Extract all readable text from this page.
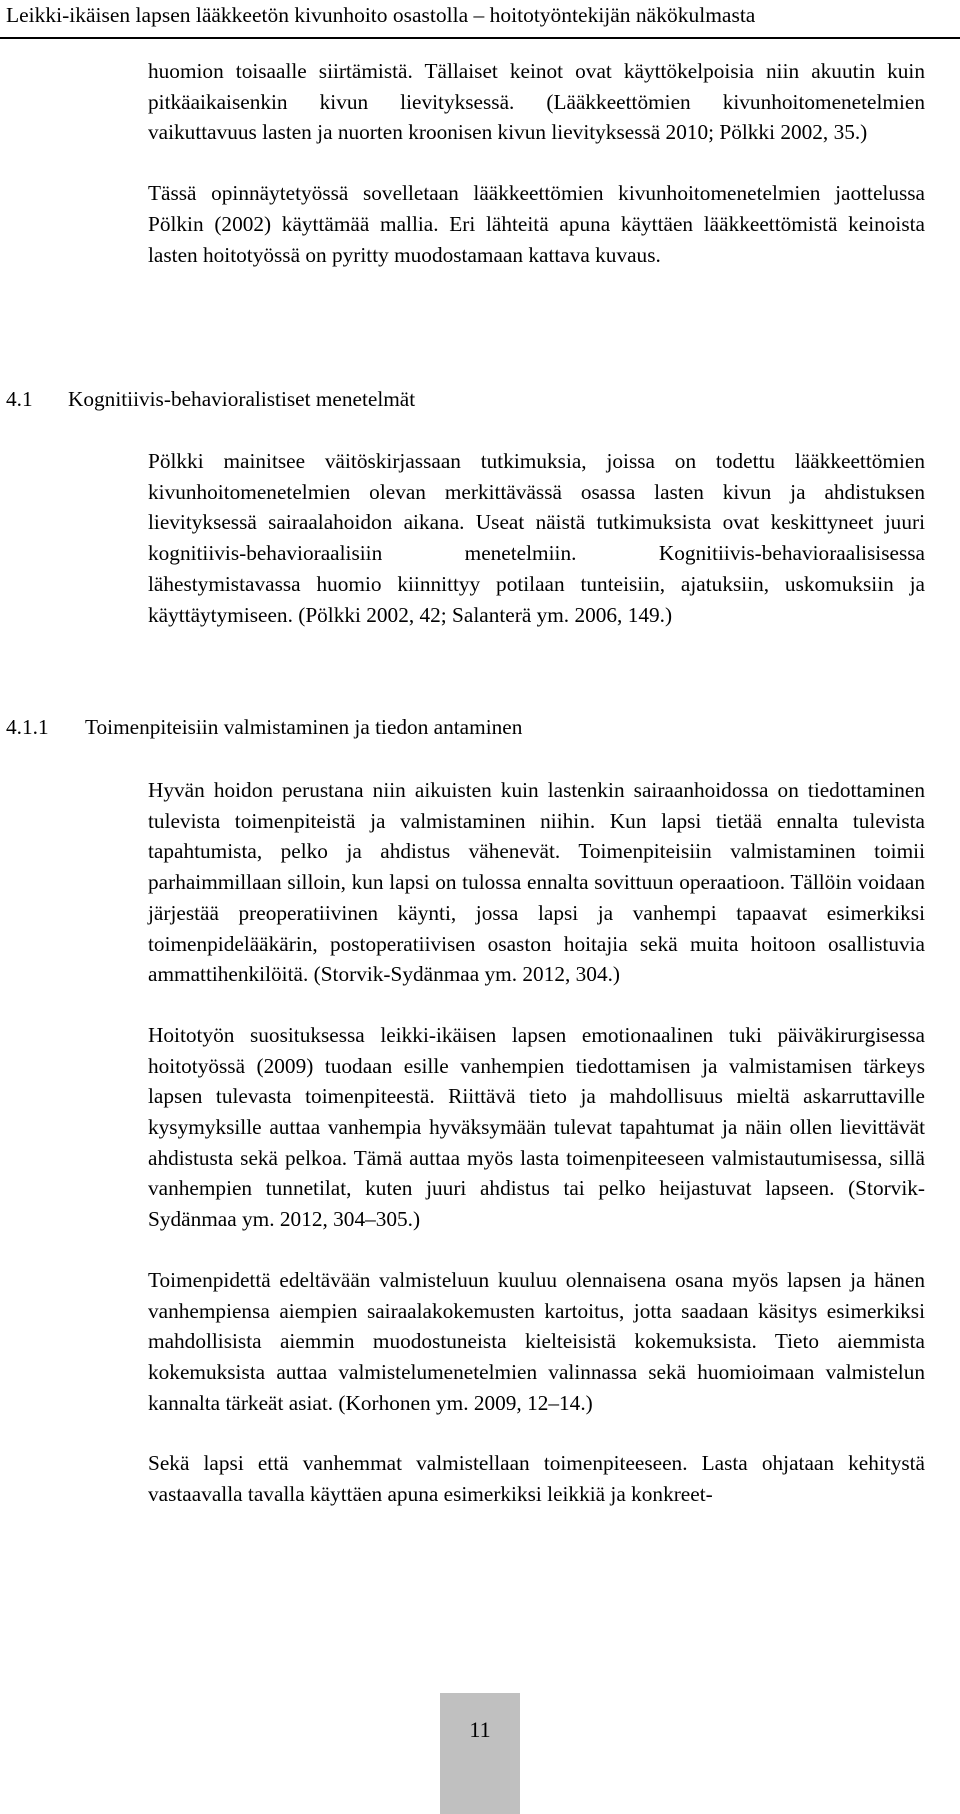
Leikki-ikäisen lapsen lääkkeetön kivunhoito osastolla – hoitotyöntekijän näkökulmasta

huomion toisaalle siirtämistä. Tällaiset keinot ovat käyttökelpoisia niin akuutin kuin pitkäaikaisenkin kivun lievityksessä. (Lääkkeettömien kivunhoitomenetelmien vaikuttavuus lasten ja nuorten kroonisen kivun lievityksessä 2010; Pölkki 2002, 35.)

Tässä opinnäytetyössä sovelletaan lääkkeettömien kivunhoitomenetelmien jaottelussa Pölkin (2002) käyttämää mallia. Eri lähteitä apuna käyttäen lääkkeettömistä keinoista lasten hoitotyössä on pyritty muodostamaan kattava kuvaus.

4.1 Kognitiivis-behavioralistiset menetelmät

Pölkki mainitsee väitöskirjassaan tutkimuksia, joissa on todettu lääkkeettömien kivunhoitomenetelmien olevan merkittävässä osassa lasten kivun ja ahdistuksen lievityksessä sairaalahoidon aikana. Useat näistä tutkimuksista ovat keskittyneet juuri kognitiivis-behavioraalisiin menetelmiin. Kognitiivis-behavioraalisisessa lähestymistavassa huomio kiinnittyy potilaan tunteisiin, ajatuksiin, uskomuksiin ja käyttäytymiseen. (Pölkki 2002, 42; Salanterä ym. 2006, 149.)

4.1.1 Toimenpiteisiin valmistaminen ja tiedon antaminen

Hyvän hoidon perustana niin aikuisten kuin lastenkin sairaanhoidossa on tiedottaminen tulevista toimenpiteistä ja valmistaminen niihin. Kun lapsi tietää ennalta tulevista tapahtumista, pelko ja ahdistus vähenevät. Toimenpiteisiin valmistaminen toimii parhaimmillaan silloin, kun lapsi on tulossa ennalta sovittuun operaatioon. Tällöin voidaan järjestää preoperatiivinen käynti, jossa lapsi ja vanhempi tapaavat esimerkiksi toimenpidelääkärin, postoperatiivisen osaston hoitajia sekä muita hoitoon osallistuvia ammattihenkilöitä. (Storvik-Sydänmaa ym. 2012, 304.)

Hoitotyön suosituksessa leikki-ikäisen lapsen emotionaalinen tuki päiväkirurgisessa hoitotyössä (2009) tuodaan esille vanhempien tiedottamisen ja valmistamisen tärkeys lapsen tulevasta toimenpiteestä. Riittävä tieto ja mahdollisuus mieltä askarruttaville kysymyksille auttaa vanhempia hyväksymään tulevat tapahtumat ja näin ollen lievittävät ahdistusta sekä pelkoa. Tämä auttaa myös lasta toimenpiteeseen valmistautumisessa, sillä vanhempien tunnetilat, kuten juuri ahdistus tai pelko heijastuvat lapseen. (Storvik-Sydänmaa ym. 2012, 304–305.)

Toimenpidettä edeltävään valmisteluun kuuluu olennaisena osana myös lapsen ja hänen vanhempiensa aiempien sairaalakokemusten kartoitus, jotta saadaan käsitys esimerkiksi mahdollisista aiemmin muodostuneista kielteisistä kokemuksista. Tieto aiemmista kokemuksista auttaa valmistelumenetelmien valinnassa sekä huomioimaan valmistelun kannalta tärkeät asiat. (Korhonen ym. 2009, 12–14.)

Sekä lapsi että vanhemmat valmistellaan toimenpiteeseen. Lasta ohjataan kehitystä vastaavalla tavalla käyttäen apuna esimerkiksi leikkiä ja konkreet-

11
